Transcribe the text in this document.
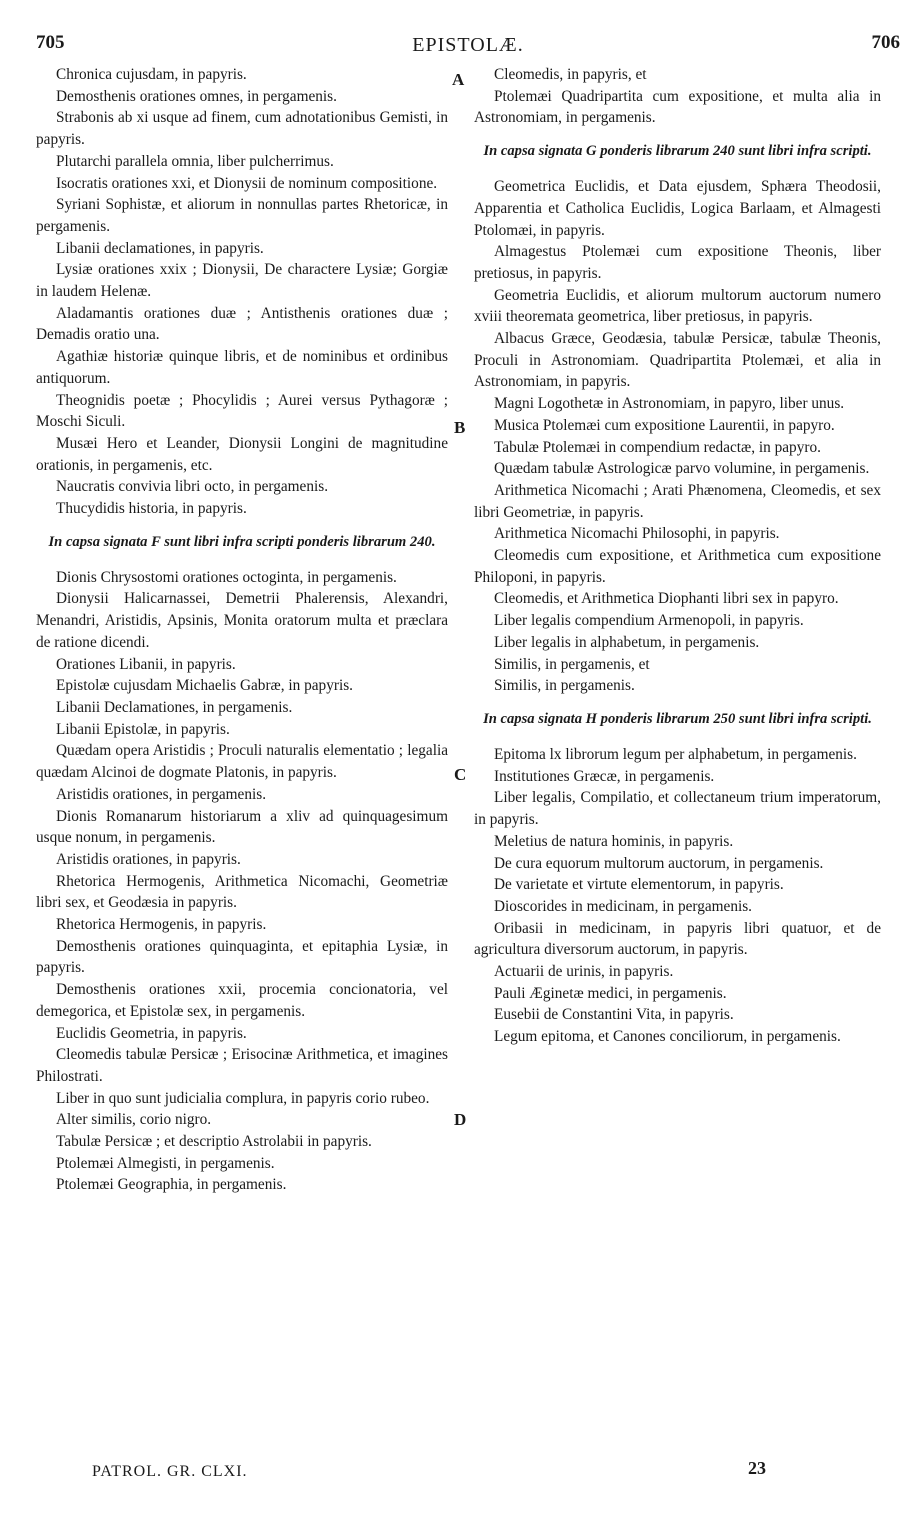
705	EPISTOLÆ.	706

Chronica cujusdam, in papyris.

Demosthenis orationes omnes, in pergamenis.

Strabonis ab xi usque ad finem, cum adnotationibus Gemisti, in papyris.

Plutarchi parallela omnia, liber pulcherrimus.

Isocratis orationes xxi, et Dionysii de nominum compositione.

Syriani Sophistæ, et aliorum in nonnullas partes Rhetoricæ, in pergamenis.

Libanii declamationes, in papyris.

Lysiæ orationes xxix ; Dionysii, De charactere Lysiæ; Gorgiæ in laudem Helenæ.

Aladamantis orationes duæ ; Antisthenis orationes duæ ; Demadis oratio una.

Agathiæ historiæ quinque libris, et de nominibus et ordinibus antiquorum.

Theognidis poetæ ; Phocylidis ; Aurei versus Pythagoræ ; Moschi Siculi.

Musæi Hero et Leander, Dionysii Longini de magnitudine orationis, in pergamenis, etc.

Naucratis convivia libri octo, in pergamenis.

Thucydidis historia, in papyris.

In capsa signata F sunt libri infra scripti ponderis librarum 240.

Dionis Chrysostomi orationes octoginta, in pergamenis.

Dionysii Halicarnassei, Demetrii Phalerensis, Alexandri, Menandri, Aristidis, Apsinis, Monita oratorum multa et præclara de ratione dicendi.

Orationes Libanii, in papyris.

Epistolæ cujusdam Michaelis Gabræ, in papyris.

Libanii Declamationes, in pergamenis.

Libanii Epistolæ, in papyris.

Quædam opera Aristidis ; Proculi naturalis elementatio ; legalia quædam Alcinoi de dogmate Platonis, in papyris.

Aristidis orationes, in pergamenis.

Dionis Romanarum historiarum a xliv ad quinquagesimum usque nonum, in pergamenis.

Aristidis orationes, in papyris.

Rhetorica Hermogenis, Arithmetica Nicomachi, Geometriæ libri sex, et Geodæsia in papyris.

Rhetorica Hermogenis, in papyris.

Demosthenis orationes quinquaginta, et epitaphia Lysiæ, in papyris.

Demosthenis orationes xxii, procemia concionatoria, vel demegorica, et Epistolæ sex, in pergamenis.

Euclidis Geometria, in papyris.

Cleomedis tabulæ Persicæ ; Erisocinæ Arithmetica, et imagines Philostrati.

Liber in quo sunt judicialia complura, in papyris corio rubeo.

Alter similis, corio nigro.

Tabulæ Persicæ ; et descriptio Astrolabii in papyris.

Ptolemæi Almegisti, in pergamenis.

Ptolemæi Geographia, in pergamenis.

Cleomedis, in papyris, et

Ptolemæi Quadripartita cum expositione, et multa alia in Astronomiam, in pergamenis.

In capsa signata G ponderis librarum 240 sunt libri infra scripti.

Geometrica Euclidis, et Data ejusdem, Sphæra Theodosii, Apparentia et Catholica Euclidis, Logica Barlaam, et Almagesti Ptolomæi, in papyris.

Almagestus Ptolemæi cum expositione Theonis, liber pretiosus, in papyris.

Geometria Euclidis, et aliorum multorum auctorum numero xviii theoremata geometrica, liber pretiosus, in papyris.

Albacus Græce, Geodæsia, tabulæ Persicæ, tabulæ Theonis, Proculi in Astronomiam. Quadripartita Ptolemæi, et alia in Astronomiam, in papyris.

Magni Logothetæ in Astronomiam, in papyro, liber unus.

Musica Ptolemæi cum expositione Laurentii, in papyro.

Tabulæ Ptolemæi in compendium redactæ, in papyro.

Quædam tabulæ Astrologicæ parvo volumine, in pergamenis.

Arithmetica Nicomachi ; Arati Phænomena, Cleomedis, et sex libri Geometriæ, in papyris.

Arithmetica Nicomachi Philosophi, in papyris.

Cleomedis cum expositione, et Arithmetica cum expositione Philoponi, in papyris.

Cleomedis, et Arithmetica Diophanti libri sex in papyro.

Liber legalis compendium Armenopoli, in papyris.

Liber legalis in alphabetum, in pergamenis.

Similis, in pergamenis, et

Similis, in pergamenis.

In capsa signata H ponderis librarum 250 sunt libri infra scripti.

Epitoma lx librorum legum per alphabetum, in pergamenis.

Institutiones Græcæ, in pergamenis.

Liber legalis, Compilatio, et collectaneum trium imperatorum, in papyris.

Meletius de natura hominis, in papyris.

De cura equorum multorum auctorum, in pergamenis.

De varietate et virtute elementorum, in papyris.

Dioscorides in medicinam, in pergamenis.

Oribasii in medicinam, in papyris libri quatuor, et de agricultura diversorum auctorum, in papyris.

Actuarii de urinis, in papyris.

Pauli Æginetæ medici, in pergamenis.

Eusebii de Constantini Vita, in papyris.

Legum epitoma, et Canones conciliorum, in pergamenis.

A
B
C
D
PATROL. GR. CLXI.	23
